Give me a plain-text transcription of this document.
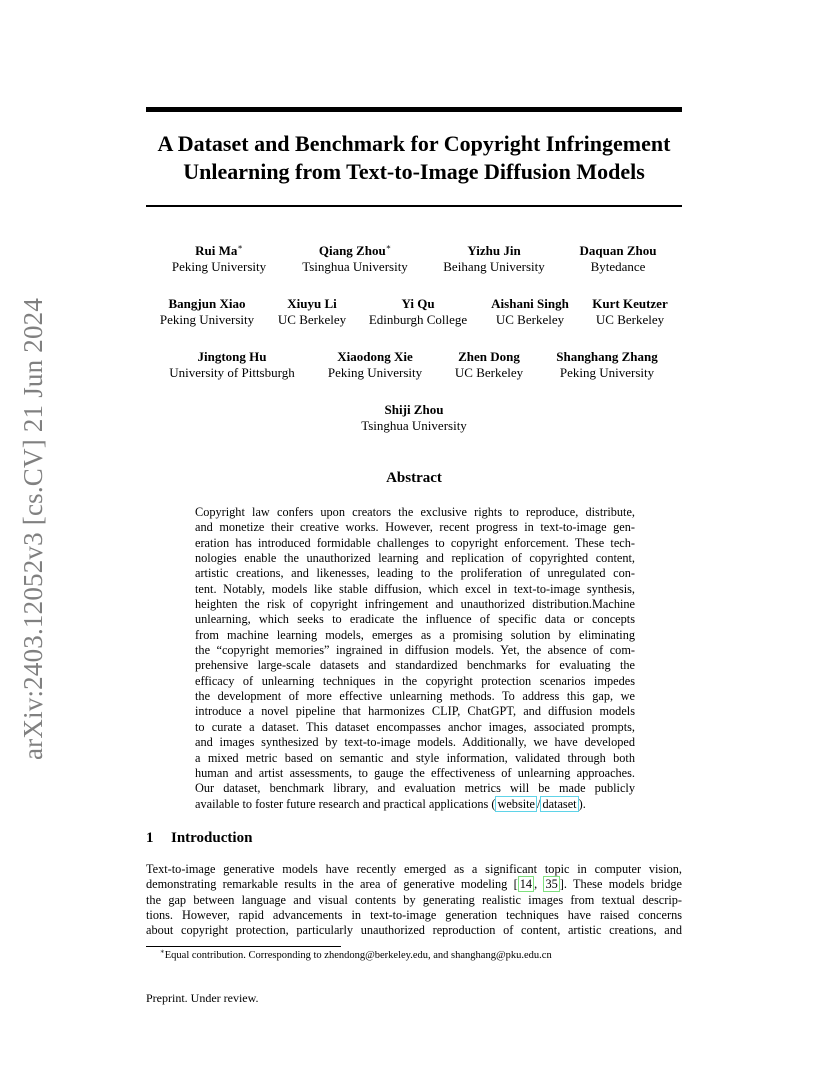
arXiv:2403.12052v3 [cs.CV] 21 Jun 2024
A Dataset and Benchmark for Copyright Infringement
Unlearning from Text-to-Image Diffusion Models
Rui Ma∗
Peking University
Qiang Zhou∗
Tsinghua University
Yizhu Jin
Beihang University
Daquan Zhou
Bytedance
Bangjun Xiao
Peking University
Xiuyu Li
UC Berkeley
Yi Qu
Edinburgh College
Aishani Singh
UC Berkeley
Kurt Keutzer
UC Berkeley
Jingtong Hu
University of Pittsburgh
Xiaodong Xie
Peking University
Zhen Dong
UC Berkeley
Shanghang Zhang
Peking University
Shiji Zhou
Tsinghua University
Abstract
Copyright law confers upon creators the exclusive rights to reproduce, distribute,
and monetize their creative works. However, recent progress in text-to-image gen-
eration has introduced formidable challenges to copyright enforcement. These tech-
nologies enable the unauthorized learning and replication of copyrighted content,
artistic creations, and likenesses, leading to the proliferation of unregulated con-
tent. Notably, models like stable diffusion, which excel in text-to-image synthesis,
heighten the risk of copyright infringement and unauthorized distribution.Machine
unlearning, which seeks to eradicate the influence of specific data or concepts
from machine learning models, emerges as a promising solution by eliminating
the “copyright memories” ingrained in diffusion models. Yet, the absence of com-
prehensive large-scale datasets and standardized benchmarks for evaluating the
efficacy of unlearning techniques in the copyright protection scenarios impedes
the development of more effective unlearning methods. To address this gap, we
introduce a novel pipeline that harmonizes CLIP, ChatGPT, and diffusion models
to curate a dataset. This dataset encompasses anchor images, associated prompts,
and images synthesized by text-to-image models. Additionally, we have developed
a mixed metric based on semantic and style information, validated through both
human and artist assessments, to gauge the effectiveness of unlearning approaches.
Our dataset, benchmark library, and evaluation metrics will be made publicly
available to foster future research and practical applications ( website / dataset ).
1 Introduction
Text-to-image generative models have recently emerged as a significant topic in computer vision,
demonstrating remarkable results in the area of generative modeling [ 14 , 35 ]. These models bridge
the gap between language and visual contents by generating realistic images from textual descrip-
tions. However, rapid advancements in text-to-image generation techniques have raised concerns
about copyright protection, particularly unauthorized reproduction of content, artistic creations, and
∗Equal contribution. Corresponding to zhendong@berkeley.edu, and shanghang@pku.edu.cn
Preprint. Under review.
